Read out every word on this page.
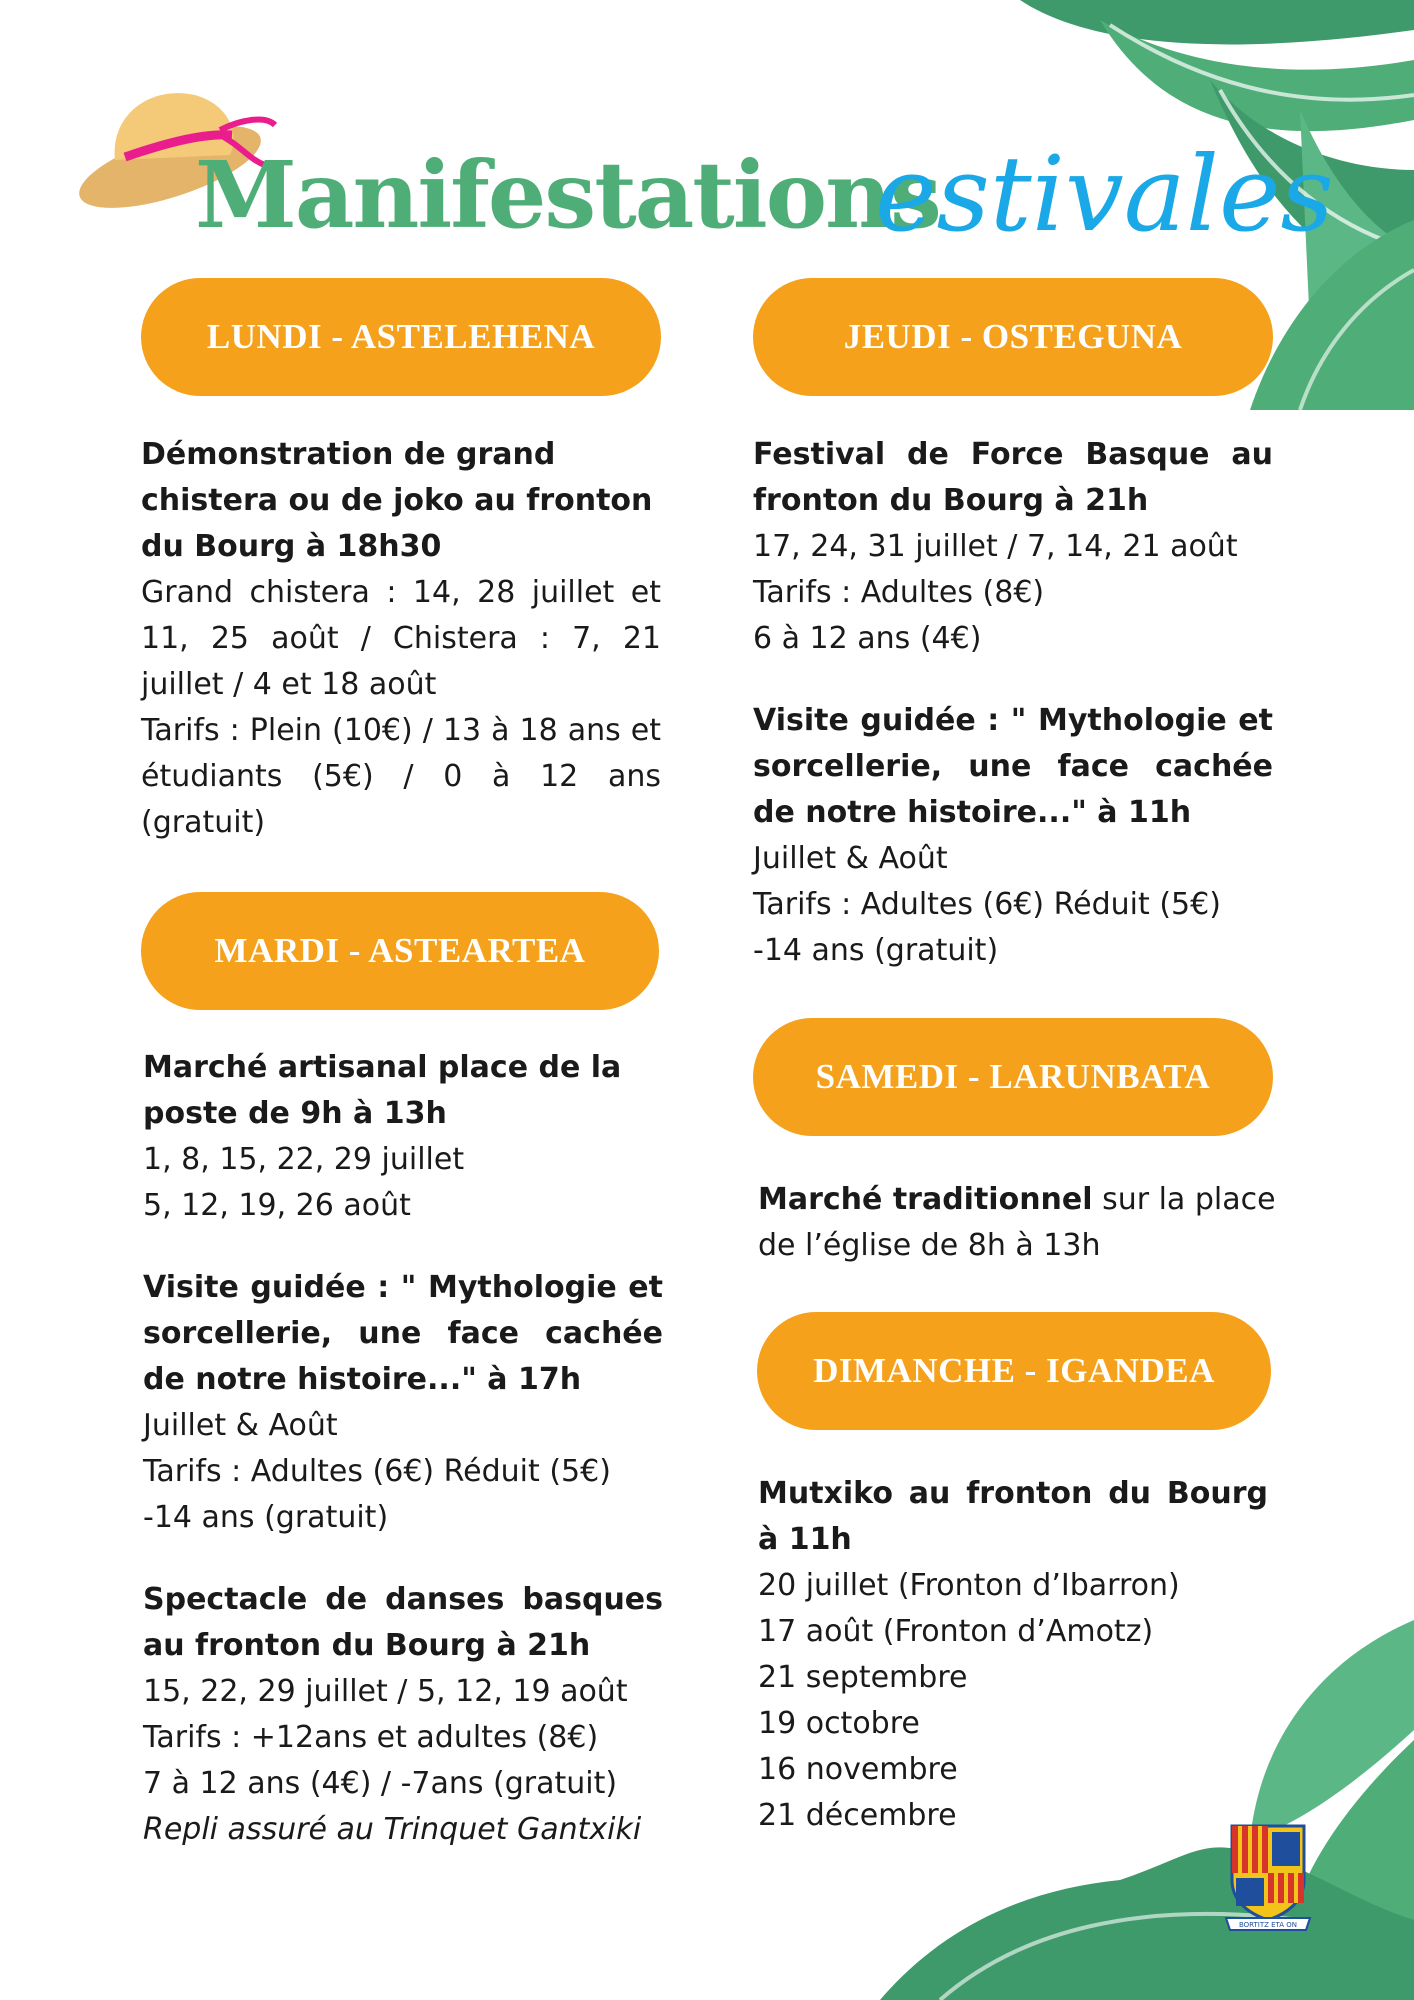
Manifestations
estivales
LUNDI - ASTELEHENA
Démonstration de grand chistera ou de joko au fronton du Bourg à 18h30
Grand chistera : 14, 28 juillet et 11, 25 août / Chistera : 7, 21 juillet / 4 et 18 août
Tarifs : Plein (10€) / 13 à 18 ans et étudiants (5€) / 0 à 12 ans (gratuit)
MARDI - ASTEARTEA
Marché artisanal place de la poste de 9h à 13h
1, 8, 15, 22, 29 juillet
5, 12, 19, 26 août
Visite guidée : " Mythologie et sorcellerie, une face cachée de notre histoire..." à 17h
Juillet & Août
Tarifs : Adultes (6€) Réduit (5€)
-14 ans (gratuit)
Spectacle de danses basques au fronton du Bourg à 21h
15, 22, 29 juillet / 5, 12, 19 août
Tarifs : +12ans et adultes (8€)
7 à 12 ans (4€) / -7ans (gratuit)
Repli assuré au Trinquet Gantxiki
JEUDI - OSTEGUNA
Festival de Force Basque au fronton du Bourg à 21h
17, 24, 31 juillet / 7, 14, 21 août
Tarifs : Adultes (8€)
6 à 12 ans (4€)
Visite guidée : " Mythologie et sorcellerie, une face cachée de notre histoire..." à 11h
Juillet & Août
Tarifs : Adultes (6€) Réduit (5€)
-14 ans (gratuit)
SAMEDI - LARUNBATA
Marché traditionnel sur la place de l’église de 8h à 13h
DIMANCHE - IGANDEA
Mutxiko au fronton du Bourg à 11h
20 juillet (Fronton d’Ibarron)
17 août (Fronton d’Amotz)
21 septembre
19 octobre
16 novembre
21 décembre
BORTITZ ETA ON
